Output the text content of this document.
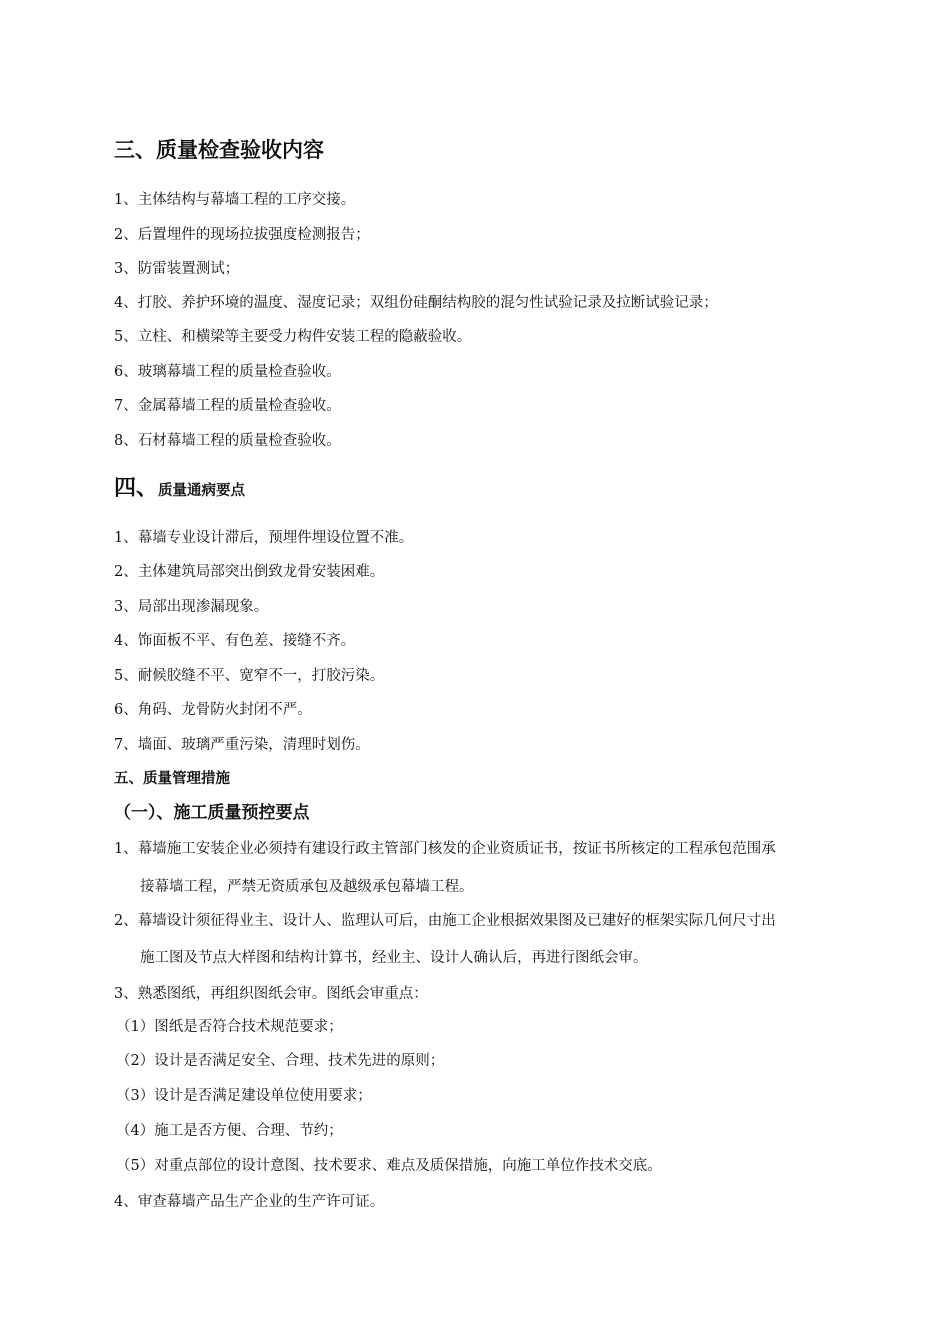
三、质量检查验收内容
1、主体结构与幕墙工程的工序交接。
2、后置埋件的现场拉拔强度检测报告；
3、防雷装置测试；
4、打胶、养护环境的温度、湿度记录；双组份硅酮结构胶的混匀性试验记录及拉断试验记录；
5、立柱、和横梁等主要受力构件安装工程的隐蔽验收。
6、玻璃幕墙工程的质量检查验收。
7、金属幕墙工程的质量检查验收。
8、石材幕墙工程的质量检查验收。
四、质量通病要点
1、幕墙专业设计滞后，预埋件埋设位置不准。
2、主体建筑局部突出倒致龙骨安装困难。
3、局部出现渗漏现象。
4、饰面板不平、有色差、接缝不齐。
5、耐候胶缝不平、宽窄不一，打胶污染。
6、角码、龙骨防火封闭不严。
7、墙面、玻璃严重污染，清理时划伤。
五、质量管理措施
（一）、施工质量预控要点
1、幕墙施工安装企业必须持有建设行政主管部门核发的企业资质证书，按证书所核定的工程承包范围承
接幕墙工程，严禁无资质承包及越级承包幕墙工程。
2、幕墙设计须征得业主、设计人、监理认可后，由施工企业根据效果图及已建好的框架实际几何尺寸出
施工图及节点大样图和结构计算书，经业主、设计人确认后，再进行图纸会审。
3、熟悉图纸，再组织图纸会审。图纸会审重点：
（1）图纸是否符合技术规范要求；
（2）设计是否满足安全、合理、技术先进的原则；
（3）设计是否满足建设单位使用要求；
（4）施工是否方便、合理、节约；
（5）对重点部位的设计意图、技术要求、难点及质保措施，向施工单位作技术交底。
4、审查幕墙产品生产企业的生产许可证。
